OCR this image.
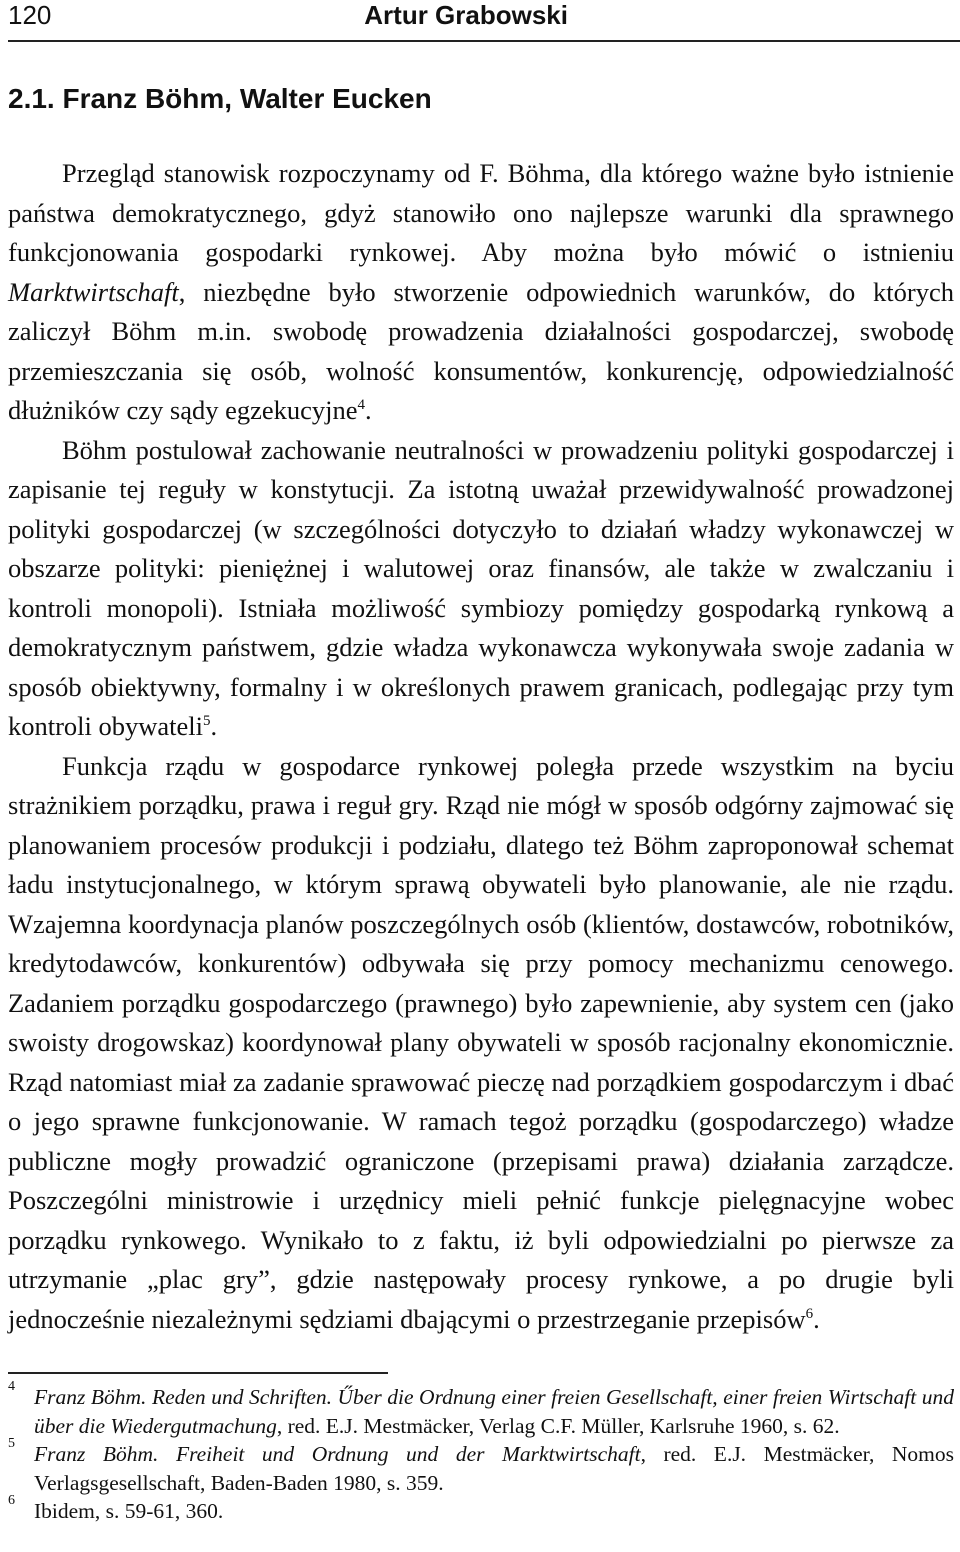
120	Artur Grabowski
2.1. Franz Böhm, Walter Eucken

Przegląd stanowisk rozpoczynamy od F. Böhma, dla którego ważne było istnienie państwa demokratycznego, gdyż stanowiło ono najlepsze warunki dla sprawnego funkcjonowania gospodarki rynkowej. Aby można było mówić o istnieniu Marktwirtschaft, niezbędne było stworzenie odpowiednich warunków, do których zaliczył Böhm m.in. swobodę prowadzenia działalności gospodarczej, swobodę przemieszczania się osób, wolność konsumentów, konkurencję, odpowiedzialność dłużników czy sądy egzekucyjne$^4$.

Böhm postulował zachowanie neutralności w prowadzeniu polityki gospodarczej i zapisanie tej reguły w konstytucji. Za istotną uważał przewidywalność prowadzonej polityki gospodarczej (w szczególności dotyczyło to działań władzy wykonawczej w obszarze polityki: pieniężnej i walutowej oraz finansów, ale także w zwalczaniu i kontroli monopoli). Istniała możliwość symbiozy pomiędzy gospodarką rynkową a demokratycznym państwem, gdzie władza wykonawcza wykonywała swoje zadania w sposób obiektywny, formalny i w określonych prawem granicach, podlegając przy tym kontroli obywateli$^5$.

Funkcja rządu w gospodarce rynkowej poległa przede wszystkim na byciu strażnikiem porządku, prawa i reguł gry. Rząd nie mógł w sposób odgórny zajmować się planowaniem procesów produkcji i podziału, dlatego też Böhm zaproponował schemat ładu instytucjonalnego, w którym sprawą obywateli było planowanie, ale nie rządu. Wzajemna koordynacja planów poszczególnych osób (klientów, dostawców, robotników, kredytodawców, konkurentów) odbywała się przy pomocy mechanizmu cenowego. Zadaniem porządku gospodarczego (prawnego) było zapewnienie, aby system cen (jako swoisty drogowskaz) koordynował plany obywateli w sposób racjonalny ekonomicznie. Rząd natomiast miał za zadanie sprawować pieczę nad porządkiem gospodarczym i dbać o jego sprawne funkcjonowanie. W ramach tegoż porządku (gospodarczego) władze publiczne mogły prowadzić ograniczone (przepisami prawa) działania zarządcze. Poszczególni ministrowie i urzędnicy mieli pełnić funkcje pielęgnacyjne wobec porządku rynkowego. Wynikało to z faktu, iż byli odpowiedzialni po pierwsze za utrzymanie „plac gry”, gdzie następowały procesy rynkowe, a po drugie byli jednocześnie niezależnymi sędziami dbającymi o przestrzeganie przepisów$^6$.

4 Franz Böhm. Reden und Schriften. Űber die Ordnung einer freien Gesellschaft, einer freien Wirtschaft und über die Wiedergutmachung, red. E.J. Mestmäcker, Verlag C.F. Müller, Karlsruhe 1960, s. 62.
5 Franz Böhm. Freiheit und Ordnung und der Marktwirtschaft, red. E.J. Mestmäcker, Nomos Verlagsgesellschaft, Baden-Baden 1980, s. 359.
6 Ibidem, s. 59-61, 360.
